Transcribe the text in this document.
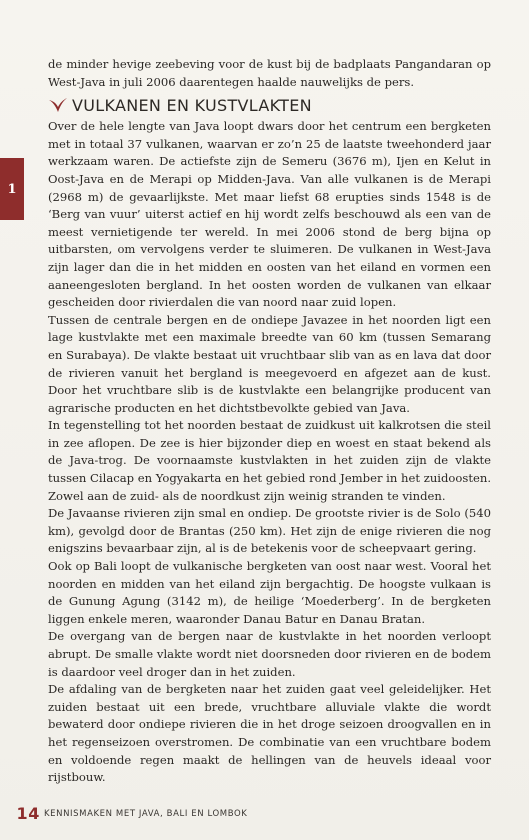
1

de minder hevige zeebeving voor de kust bij de badplaats Pangandaran op West-Java in juli 2006 daarentegen haalde nauwelijks de pers.

VULKANEN EN KUSTVLAKTEN

Over de hele lengte van Java loopt dwars door het centrum een bergketen met in totaal 37 vulkanen, waarvan er zo’n 25 de laatste tweehonderd jaar werkzaam waren. De actiefste zijn de Semeru (3676 m), Ijen en Kelut in Oost-Java en de Merapi op Midden-Java. Van alle vulkanen is de Merapi (2968 m) de gevaarlijkste. Met maar liefst 68 erupties sinds 1548 is de ‘Berg van vuur’ uiterst actief en hij wordt zelfs beschouwd als een van de meest vernietigende ter wereld. In mei 2006 stond de berg bijna op uitbarsten, om vervolgens verder te sluimeren. De vulkanen in West-Java zijn lager dan die in het midden en oosten van het eiland en vormen een aaneengesloten bergland. In het oosten worden de vulkanen van elkaar gescheiden door rivierdalen die van noord naar zuid lopen.

Tussen de centrale bergen en de ondiepe Javazee in het noorden ligt een lage kustvlakte met een maximale breedte van 60 km (tussen Semarang en Surabaya). De vlakte bestaat uit vruchtbaar slib van as en lava dat door de rivieren vanuit het bergland is meegevoerd en afgezet aan de kust. Door het vruchtbare slib is de kustvlakte een belangrijke producent van agrarische producten en het dichtstbevolkte gebied van Java.

In tegenstelling tot het noorden bestaat de zuidkust uit kalkrotsen die steil in zee aflopen. De zee is hier bijzonder diep en woest en staat bekend als de Java-trog. De voornaamste kustvlakten in het zuiden zijn de vlakte tussen Cilacap en Yogyakarta en het gebied rond Jember in het zuidoosten. Zowel aan de zuid- als de noordkust zijn weinig stranden te vinden.

De Javaanse rivieren zijn smal en ondiep. De grootste rivier is de Solo (540 km), gevolgd door de Brantas (250 km). Het zijn de enige rivieren die nog enigszins bevaarbaar zijn, al is de betekenis voor de scheepvaart gering.

Ook op Bali loopt de vulkanische bergketen van oost naar west. Vooral het noorden en midden van het eiland zijn bergachtig. De hoogste vulkaan is de Gunung Agung (3142 m), de heilige ‘Moederberg’. In de bergketen liggen enkele meren, waaronder Danau Batur en Danau Bratan.

De overgang van de bergen naar de kustvlakte in het noorden verloopt abrupt. De smalle vlakte wordt niet doorsneden door rivieren en de bodem is daardoor veel droger dan in het zuiden.

De afdaling van de bergketen naar het zuiden gaat veel geleidelijker. Het zuiden bestaat uit een brede, vruchtbare alluviale vlakte die wordt bewaterd door ondiepe rivieren die in het droge seizoen droogvallen en in het regenseizoen overstromen. De combinatie van een vruchtbare bodem en voldoende regen maakt de hellingen van de heuvels ideaal voor rijstbouw.

14 KENNISMAKEN MET JAVA, BALI EN LOMBOK
